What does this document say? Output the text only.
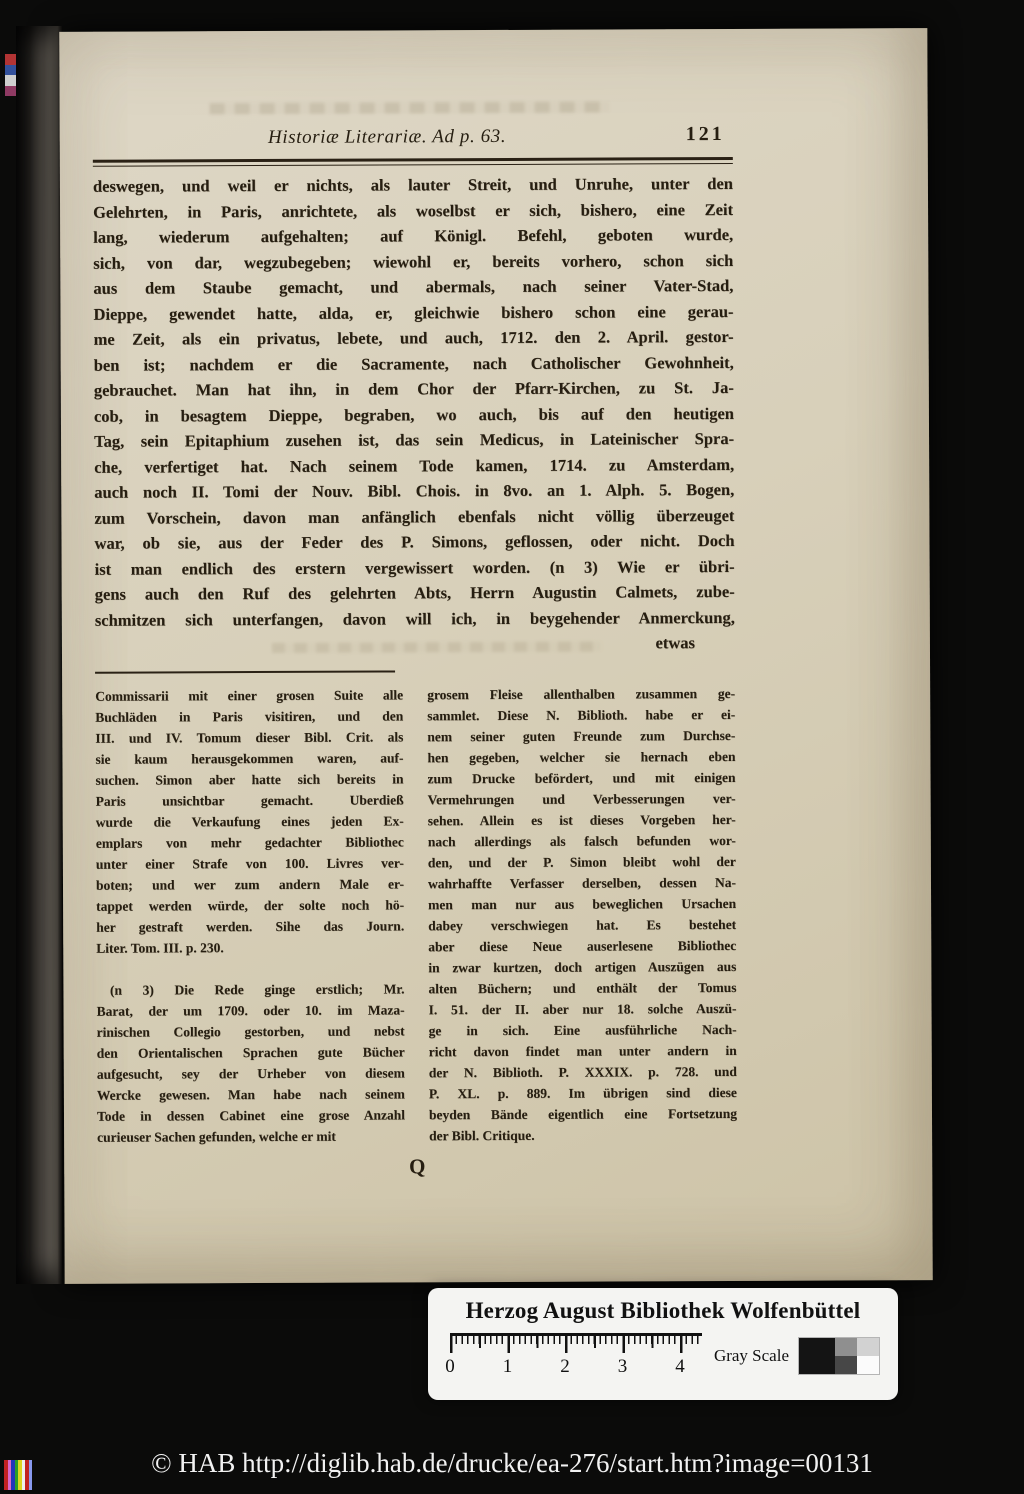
Historiæ Literariæ. Ad p. 63.	121
deswegen, und weil er nichts, als lauter Streit, und Unruhe, unter den
Gelehrten, in Paris, anrichtete, als woselbst er sich, bishero, eine Zeit
lang, wiederum aufgehalten; auf Königl. Befehl, geboten wurde,
sich, von dar, wegzubegeben; wiewohl er, bereits vorhero, schon sich
aus dem Staube gemacht, und abermals, nach seiner Vater-Stad,
Dieppe, gewendet hatte, alda, er, gleichwie bishero schon eine gerau-
me Zeit, als ein privatus, lebete, und auch, 1712. den 2. April. gestor-
ben ist; nachdem er die Sacramente, nach Catholischer Gewohnheit,
gebrauchet. Man hat ihn, in dem Chor der Pfarr-Kirchen, zu St. Ja-
cob, in besagtem Dieppe, begraben, wo auch, bis auf den heutigen
Tag, sein Epitaphium zusehen ist, das sein Medicus, in Lateinischer Spra-
che, verfertiget hat. Nach seinem Tode kamen, 1714. zu Amsterdam,
auch noch II. Tomi der Nouv. Bibl. Chois. in 8vo. an 1. Alph. 5. Bogen,
zum Vorschein, davon man anfänglich ebenfals nicht völlig überzeuget
war, ob sie, aus der Feder des P. Simons, geflossen, oder nicht. Doch
ist man endlich des erstern vergewissert worden. (n 3) Wie er übri-
gens auch den Ruf des gelehrten Abts, Herrn Augustin Calmets, zube-
schmitzen sich unterfangen, davon will ich, in beygehender Anmerckung,
etwas
Commissarii mit einer grosen Suite alle
Buchläden in Paris visitiren, und den
III. und IV. Tomum dieser Bibl. Crit. als
sie kaum herausgekommen waren, auf-
suchen. Simon aber hatte sich bereits in
Paris unsichtbar gemacht. Uberdieß
wurde die Verkaufung eines jeden Ex-
emplars von mehr gedachter Bibliothec
unter einer Strafe von 100. Livres ver-
boten; und wer zum andern Male er-
tappet werden würde, der solte noch hö-
her gestraft werden. Sihe das Journ.
Liter. Tom. III. p. 230.
 (n 3) Die Rede ginge erstlich; Mr.
Barat, der um 1709. oder 10. im Maza-
rinischen Collegio gestorben, und nebst
den Orientalischen Sprachen gute Bücher
aufgesucht, sey der Urheber von diesem
Wercke gewesen. Man habe nach seinem
Tode in dessen Cabinet eine grose Anzahl
curieuser Sachen gefunden, welche er mit
grosem Fleise allenthalben zusammen ge-
sammlet. Diese N. Biblioth. habe er ei-
nem seiner guten Freunde zum Durchse-
hen gegeben, welcher sie hernach eben
zum Drucke befördert, und mit einigen
Vermehrungen und Verbesserungen ver-
sehen. Allein es ist dieses Vorgeben her-
nach allerdings als falsch befunden wor-
den, und der P. Simon bleibt wohl der
wahrhaffte Verfasser derselben, dessen Na-
men man nur aus beweglichen Ursachen
dabey verschwiegen hat. Es bestehet
aber diese Neue auserlesene Bibliothec
in zwar kurtzen, doch artigen Auszügen aus
alten Büchern; und enthält der Tomus
I. 51. der II. aber nur 18. solche Auszü-
ge in sich. Eine ausführliche Nach-
richt davon findet man unter andern in
der N. Biblioth. P. XXXIX. p. 728. und
P. XL. p. 889. Im übrigen sind diese
beyden Bände eigentlich eine Fortsetzung
der Bibl. Critique.
Q
Herzog August Bibliothek Wolfenbüttel
0	1	2	3	4
Gray Scale
© HAB http://diglib.hab.de/drucke/ea-276/start.htm?image=00131
